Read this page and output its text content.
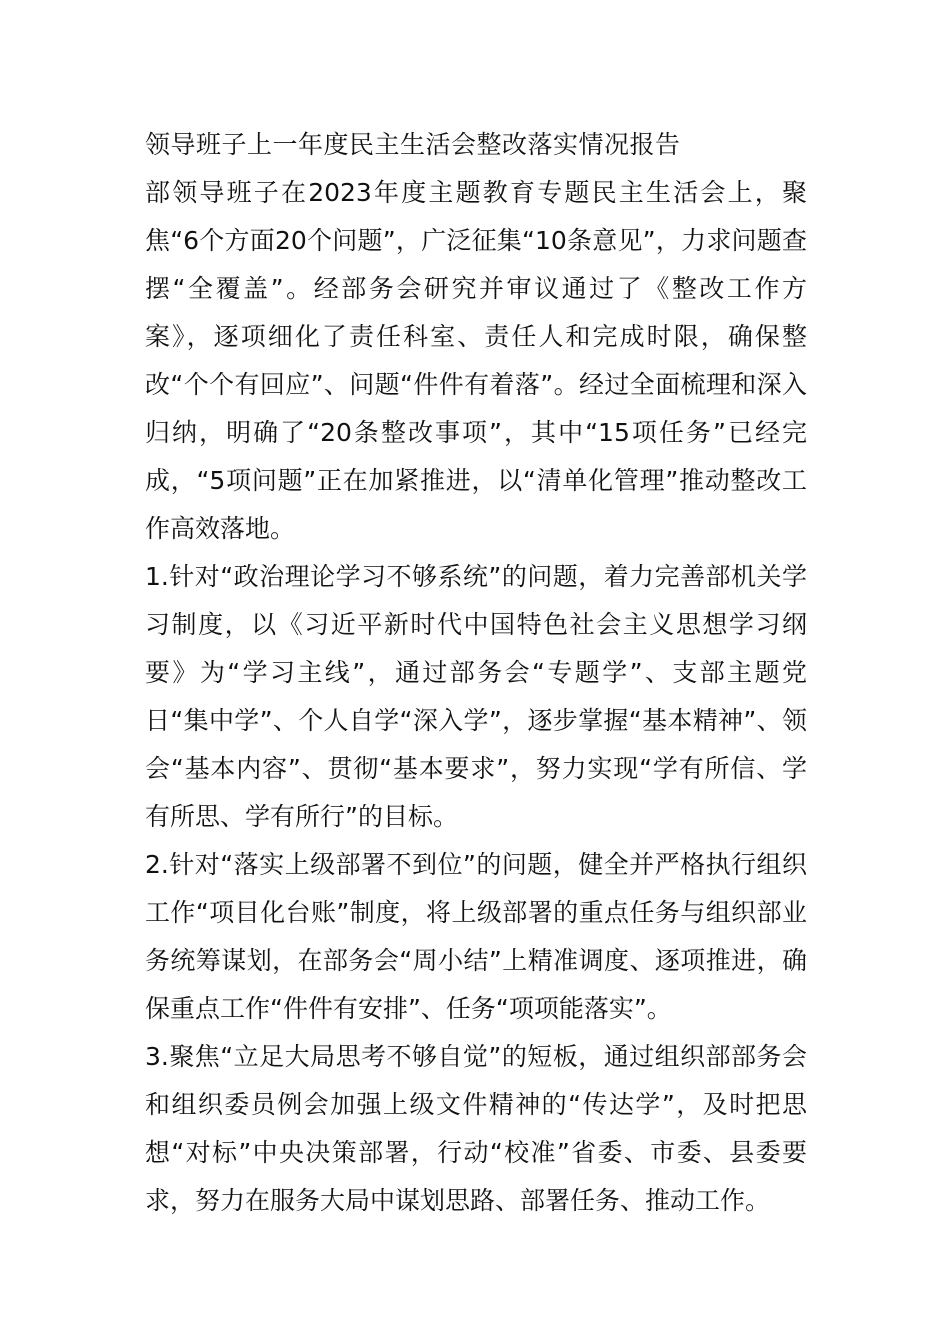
领导班子上一年度民主生活会整改落实情况报告

部领导班子在2023年度主题教育专题民主生活会上，聚焦“6个方面20个问题”，广泛征集“10条意见”，力求问题查摆“全覆盖”。经部务会研究并审议通过了《整改工作方案》，逐项细化了责任科室、责任人和完成时限，确保整改“个个有回应”、问题“件件有着落”。经过全面梳理和深入归纳，明确了“20条整改事项”，其中“15项任务”已经完成，“5项问题”正在加紧推进，以“清单化管理”推动整改工作高效落地。

1.针对“政治理论学习不够系统”的问题，着力完善部机关学习制度，以《习近平新时代中国特色社会主义思想学习纲要》为“学习主线”，通过部务会“专题学”、支部主题党日“集中学”、个人自学“深入学”，逐步掌握“基本精神”、领会“基本内容”、贯彻“基本要求”，努力实现“学有所信、学有所思、学有所行”的目标。

2.针对“落实上级部署不到位”的问题，健全并严格执行组织工作“项目化台账”制度，将上级部署的重点任务与组织部业务统筹谋划，在部务会“周小结”上精准调度、逐项推进，确保重点工作“件件有安排”、任务“项项能落实”。

3.聚焦“立足大局思考不够自觉”的短板，通过组织部部务会和组织委员例会加强上级文件精神的“传达学”，及时把思想“对标”中央决策部署，行动“校准”省委、市委、县委要求，努力在服务大局中谋划思路、部署任务、推动工作。
